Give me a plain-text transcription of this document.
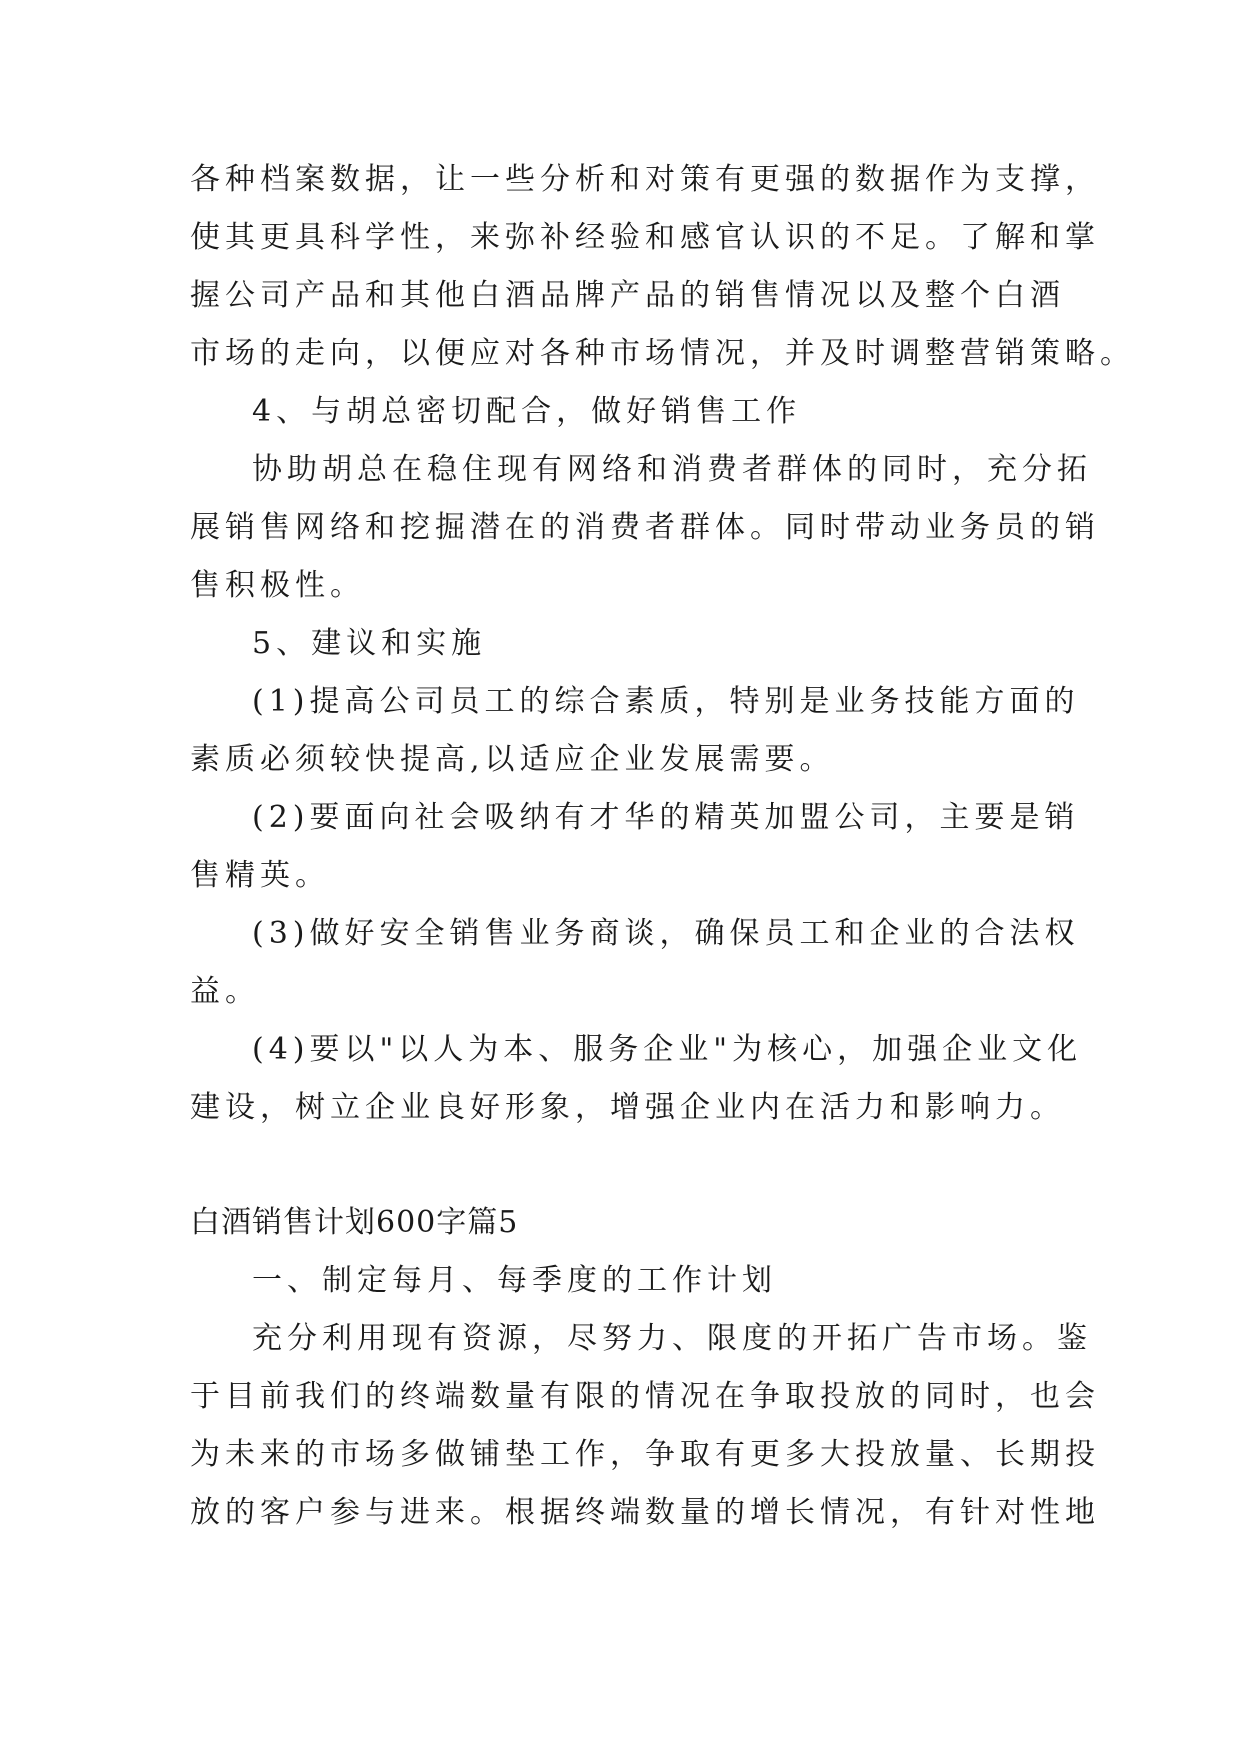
各种档案数据，让一些分析和对策有更强的数据作为支撑，
使其更具科学性，来弥补经验和感官认识的不足。了解和掌
握公司产品和其他白酒品牌产品的销售情况以及整个白酒
市场的走向，以便应对各种市场情况，并及时调整营销策略。
4、与胡总密切配合，做好销售工作
协助胡总在稳住现有网络和消费者群体的同时，充分拓
展销售网络和挖掘潜在的消费者群体。同时带动业务员的销
售积极性。
5、建议和实施
(1)提高公司员工的综合素质，特别是业务技能方面的
素质必须较快提高,以适应企业发展需要。
(2)要面向社会吸纳有才华的精英加盟公司，主要是销
售精英。
(3)做好安全销售业务商谈，确保员工和企业的合法权
益。
(4)要以"以人为本、服务企业"为核心，加强企业文化
建设，树立企业良好形象，增强企业内在活力和影响力。
白酒销售计划600字篇5
一、制定每月、每季度的工作计划
充分利用现有资源，尽努力、限度的开拓广告市场。鉴
于目前我们的终端数量有限的情况在争取投放的同时，也会
为未来的市场多做铺垫工作，争取有更多大投放量、长期投
放的客户参与进来。根据终端数量的增长情况，有针对性地
